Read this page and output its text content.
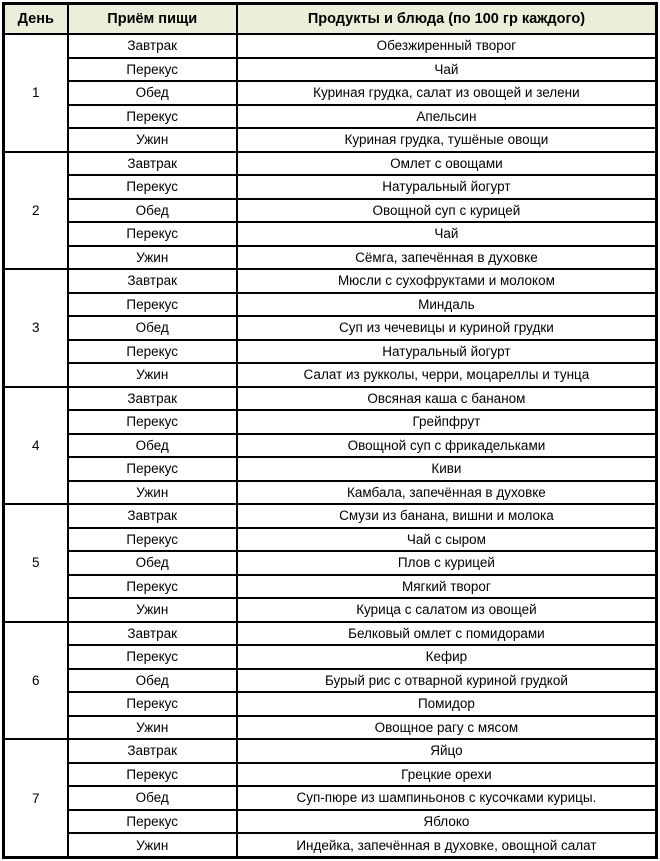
День	Приём пищи	Продукты и блюда (по 100 гр каждого)
1	Завтрак	Обезжиренный творог
	Перекус	Чай
	Обед	Куриная грудка, салат из овощей и зелени
	Перекус	Апельсин
	Ужин	Куриная грудка, тушёные овощи
2	Завтрак	Омлет с овощами
	Перекус	Натуральный йогурт
	Обед	Овощной суп с курицей
	Перекус	Чай
	Ужин	Сёмга, запечённая в духовке
3	Завтрак	Мюсли с сухофруктами и молоком
	Перекус	Миндаль
	Обед	Суп из чечевицы и куриной грудки
	Перекус	Натуральный йогурт
	Ужин	Салат из рукколы, черри, моцареллы и тунца
4	Завтрак	Овсяная каша с бананом
	Перекус	Грейпфрут
	Обед	Овощной суп с фрикадельками
	Перекус	Киви
	Ужин	Камбала, запечённая в духовке
5	Завтрак	Смузи из банана, вишни и молока
	Перекус	Чай с сыром
	Обед	Плов с курицей
	Перекус	Мягкий творог
	Ужин	Курица с салатом из овощей
6	Завтрак	Белковый омлет с помидорами
	Перекус	Кефир
	Обед	Бурый рис с отварной куриной грудкой
	Перекус	Помидор
	Ужин	Овощное рагу с мясом
7	Завтрак	Яйцо
	Перекус	Грецкие орехи
	Обед	Суп-пюре из шампиньонов с кусочками курицы.
	Перекус	Яблоко
	Ужин	Индейка, запечённая в духовке, овощной салат
